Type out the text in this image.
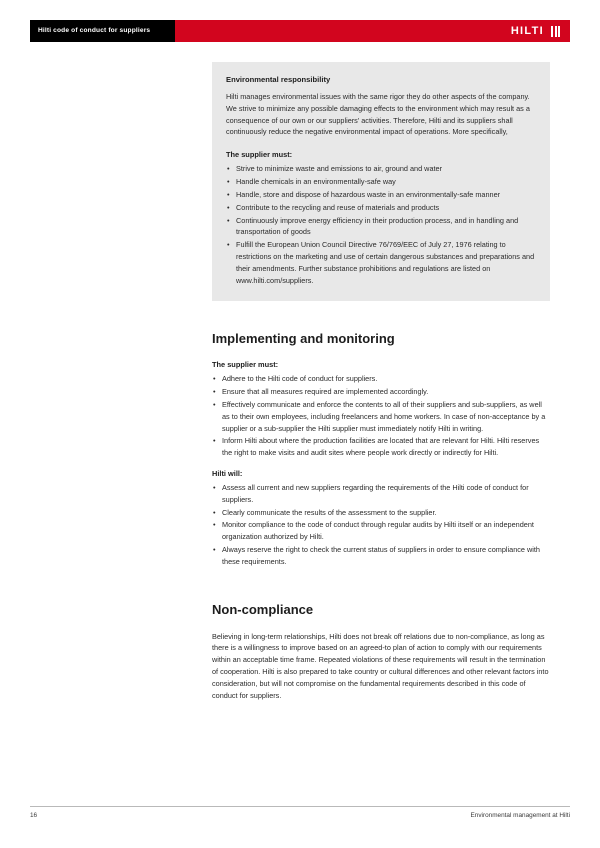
Hilti code of conduct for suppliers	HILTI
Environmental responsibility

Hilti manages environmental issues with the same rigor they do other aspects of the company. We strive to minimize any possible damaging effects to the environment which may result as a consequence of our own or our suppliers' activities. Therefore, Hilti and its suppliers shall continuously reduce the negative environmental impact of operations. More specifically,

The supplier must:
• Strive to minimize waste and emissions to air, ground and water
• Handle chemicals in an environmentally-safe way
• Handle, store and dispose of hazardous waste in an environmentally-safe manner
• Contribute to the recycling and reuse of materials and products
• Continuously improve energy efficiency in their production process, and in handling and transportation of goods
• Fulfill the European Union Council Directive 76/769/EEC of July 27, 1976 relating to restrictions on the marketing and use of certain dangerous substances and preparations and their amendments. Further substance prohibitions and regulations are listed on www.hilti.com/suppliers.
Implementing and monitoring
The supplier must:
• Adhere to the Hilti code of conduct for suppliers.
• Ensure that all measures required are implemented accordingly.
• Effectively communicate and enforce the contents to all of their suppliers and sub-suppliers, as well as to their own employees, including freelancers and home workers. In case of non-acceptance by a supplier or a sub-supplier the Hilti supplier must immediately notify Hilti in writing.
• Inform Hilti about where the production facilities are located that are relevant for Hilti. Hilti reserves the right to make visits and audit sites where people work directly or indirectly for Hilti.
Hilti will:
• Assess all current and new suppliers regarding the requirements of the Hilti code of conduct for suppliers.
• Clearly communicate the results of the assessment to the supplier.
• Monitor compliance to the code of conduct through regular audits by Hilti itself or an independent organization authorized by Hilti.
• Always reserve the right to check the current status of suppliers in order to ensure compliance with these requirements.
Non-compliance

Believing in long-term relationships, Hilti does not break off relations due to non-compliance, as long as there is a willingness to improve based on an agreed-to plan of action to comply with our requirements within an acceptable time frame. Repeated violations of these requirements will result in the termination of cooperation. Hilti is also prepared to take country or cultural differences and other relevant factors into consideration, but will not compromise on the fundamental requirements described in this code of conduct for suppliers.

16	Environmental management at Hilti
